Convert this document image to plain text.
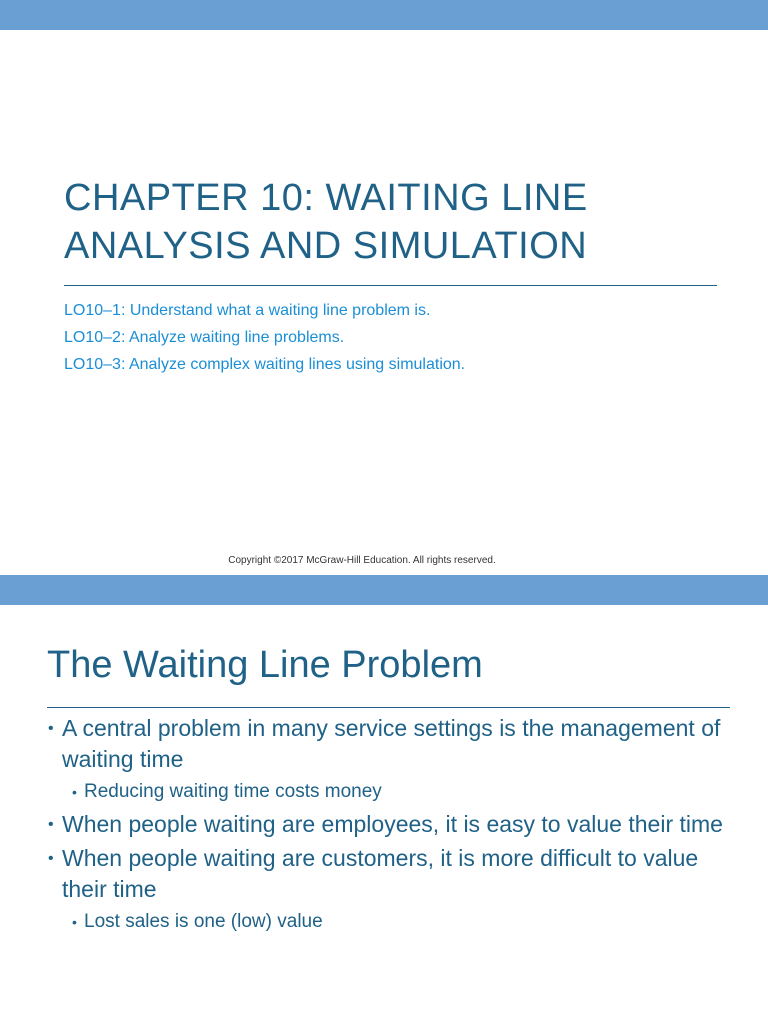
CHAPTER 10: WAITING LINE
ANALYSIS AND SIMULATION
LO10–1: Understand what a waiting line problem is.
LO10–2: Analyze waiting line problems.
LO10–3: Analyze complex waiting lines using simulation.
Copyright ©2017 McGraw-Hill Education. All rights reserved.
The Waiting Line Problem
• A central problem in many service settings is the management of waiting time
• Reducing waiting time costs money
• When people waiting are employees, it is easy to value their time
• When people waiting are customers, it is more difficult to value their time
• Lost sales is one (low) value
